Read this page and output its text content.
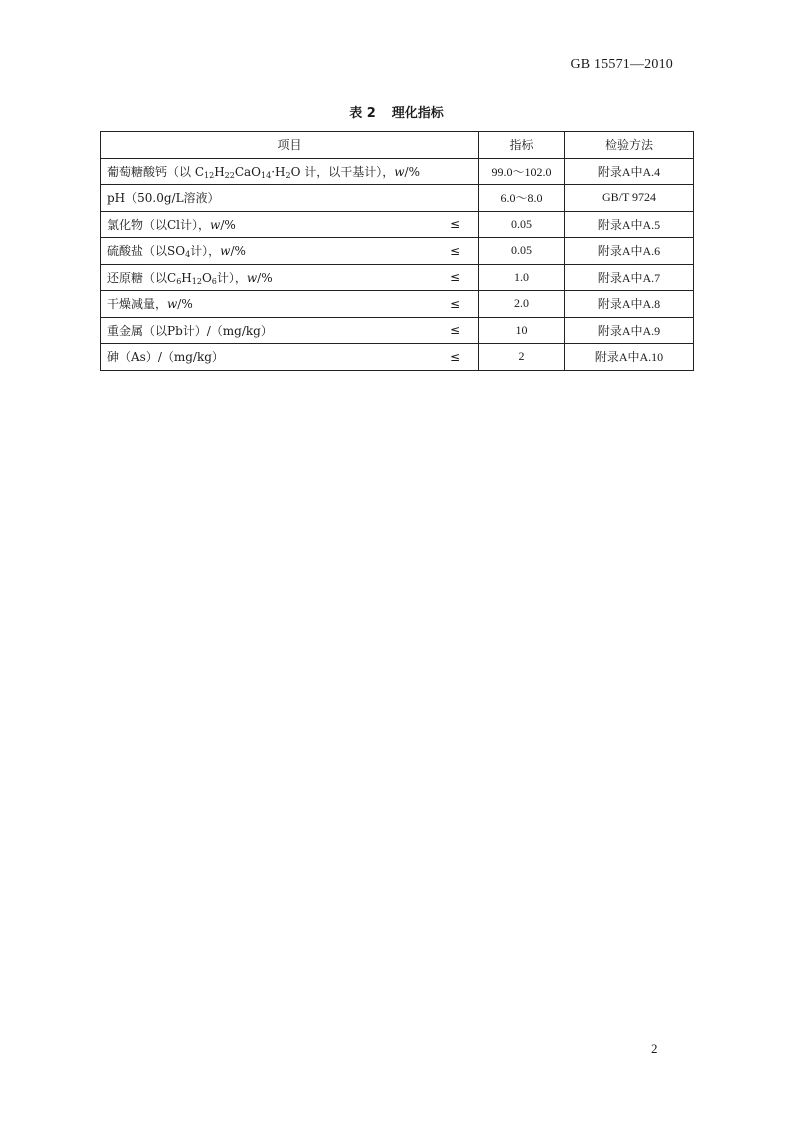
GB 15571—2010
表 2 理化指标
项目	指标	检验方法

葡萄糖酸钙（以 $C_{12}H_{22}CaO_{14}\cdot H_2O$ 计，以干基计），w/%	99.0～102.0	附录A中A.4

pH（50.0g/L溶液）	6.0～8.0	GB/T 9724

氯化物（以Cl计），w/% ≤	0.05	附录A中A.5

硫酸盐（以$SO_4$计），w/% ≤	0.05	附录A中A.6

还原糖（以$C_6H_{12}O_6$计），w/% ≤	1.0	附录A中A.7

干燥减量，w/% ≤	2.0	附录A中A.8

重金属（以Pb计）/（mg/kg） ≤	10	附录A中A.9

砷（As）/（mg/kg） ≤	2	附录A中A.10
2
